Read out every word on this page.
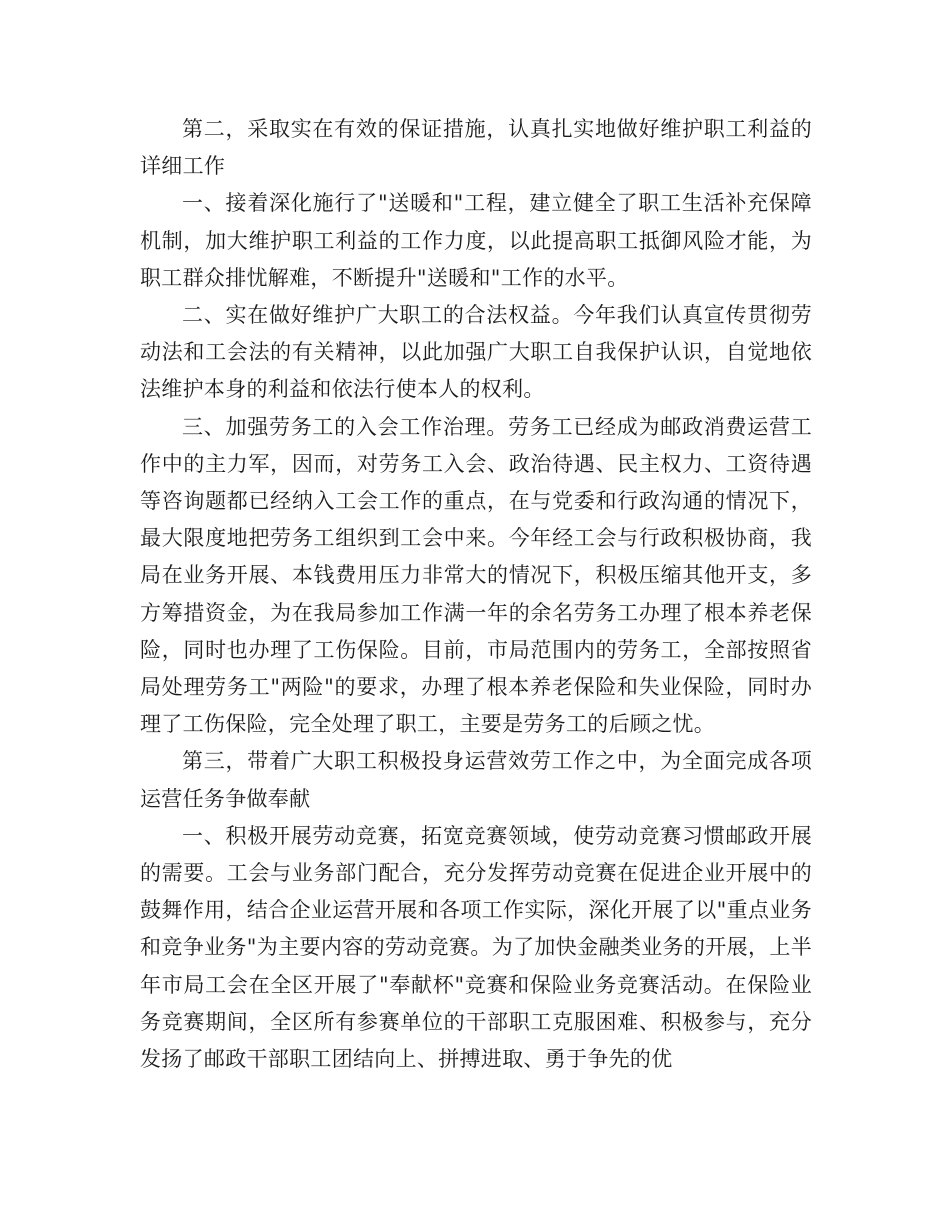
第二，采取实在有效的保证措施，认真扎实地做好维护职工利益的详细工作

一、接着深化施行了"送暖和"工程，建立健全了职工生活补充保障机制，加大维护职工利益的工作力度，以此提高职工抵御风险才能，为职工群众排忧解难，不断提升"送暖和"工作的水平。

二、实在做好维护广大职工的合法权益。今年我们认真宣传贯彻劳动法和工会法的有关精神，以此加强广大职工自我保护认识，自觉地依法维护本身的利益和依法行使本人的权利。

三、加强劳务工的入会工作治理。劳务工已经成为邮政消费运营工作中的主力军，因而，对劳务工入会、政治待遇、民主权力、工资待遇等咨询题都已经纳入工会工作的重点，在与党委和行政沟通的情况下，最大限度地把劳务工组织到工会中来。今年经工会与行政积极协商，我局在业务开展、本钱费用压力非常大的情况下，积极压缩其他开支，多方筹措资金，为在我局参加工作满一年的余名劳务工办理了根本养老保险，同时也办理了工伤保险。目前，市局范围内的劳务工，全部按照省局处理劳务工"两险"的要求，办理了根本养老保险和失业保险，同时办理了工伤保险，完全处理了职工，主要是劳务工的后顾之忧。

第三，带着广大职工积极投身运营效劳工作之中，为全面完成各项运营任务争做奉献

一、积极开展劳动竞赛，拓宽竞赛领域，使劳动竞赛习惯邮政开展的需要。工会与业务部门配合，充分发挥劳动竞赛在促进企业开展中的鼓舞作用，结合企业运营开展和各项工作实际，深化开展了以"重点业务和竞争业务"为主要内容的劳动竞赛。为了加快金融类业务的开展，上半年市局工会在全区开展了"奉献杯"竞赛和保险业务竞赛活动。在保险业务竞赛期间，全区所有参赛单位的干部职工克服困难、积极参与，充分发扬了邮政干部职工团结向上、拼搏进取、勇于争先的优
